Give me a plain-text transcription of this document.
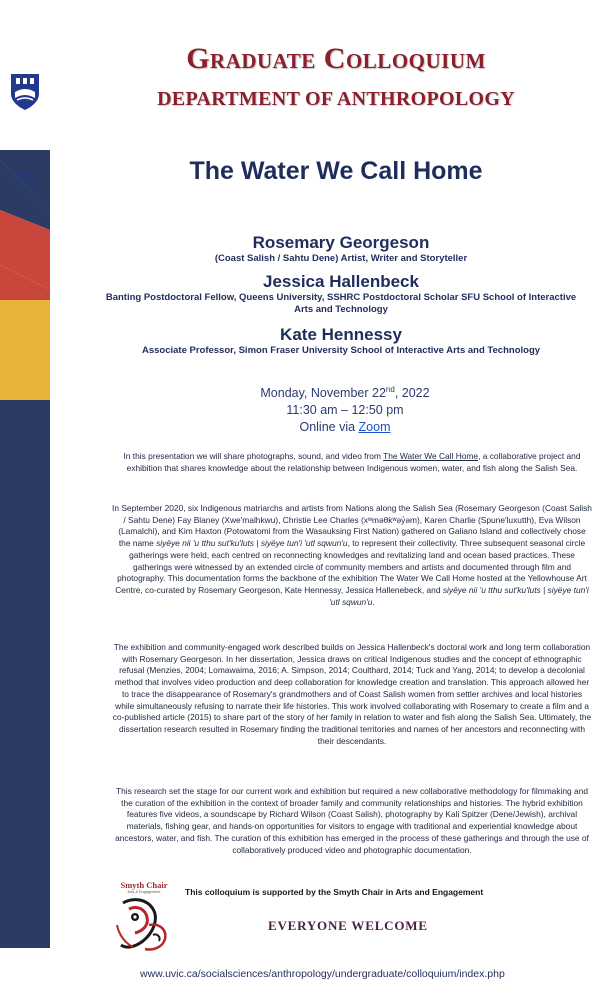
University
of Victoria
Graduate Colloquium
DEPARTMENT OF ANTHROPOLOGY
The Water We Call Home
Rosemary Georgeson
(Coast Salish / Sahtu Dene) Artist, Writer and Storyteller
Jessica Hallenbeck
Banting Postdoctoral Fellow, Queens University, SSHRC Postdoctoral Scholar SFU School of Interactive Arts and Technology
Kate Hennessy
Associate Professor, Simon Fraser University School of Interactive Arts and Technology
Monday, November 22nd, 2022
11:30 am – 12:50 pm
Online via Zoom
In this presentation we will share photographs, sound, and video from The Water We Call Home, a collaborative project and exhibition that shares knowledge about the relationship between Indigenous women, water, and fish along the Salish Sea.
In September 2020, six Indigenous matriarchs and artists from Nations along the Salish Sea (Rosemary Georgeson (Coast Salish / Sahtu Dene) Fay Blaney (Xwe'malhkwu), Christie Lee Charles (xʷməθkʷəy̓əm), Karen Charlie (Spune'luxutth), Eva Wilson (Lamalchi), and Kim Haxton (Potowatomi from the Wasauksing First Nation) gathered on Galiano Island and collectively chose the name siyëye nii 'u tthu sut'ku'luts | siyëye tun'i 'utl sqwun'u, to represent their collectivity. Three subsequent seasonal circle gatherings were held, each centred on reconnecting knowledges and revitalizing land and ocean based practices. These gatherings were witnessed by an extended circle of community members and artists and documented through film and photography. This documentation forms the backbone of the exhibition The Water We Call Home hosted at the Yellowhouse Art Centre, co-curated by Rosemary Georgeson, Kate Hennessy, Jessica Hallenebeck, and siyëye nii 'u tthu sut'ku'luts | siyëye tun'i 'utl sqwun'u.
The exhibition and community-engaged work described builds on Jessica Hallenbeck's doctoral work and long term collaboration with Rosemary Georgeson. In her dissertation, Jessica draws on critical Indigenous studies and the concept of ethnographic refusal (Menzies, 2004; Lomawaima, 2016; A. Simpson, 2014; Coulthard, 2014; Tuck and Yang, 2014; to develop a decolonial method that involves video production and deep collaboration for knowledge creation and translation. This approach allowed her to trace the disappearance of Rosemary's grandmothers and of Coast Salish women from settler archives and local histories while simultaneously refusing to narrate their life histories. This work involved collaborating with Rosemary to create a film and a co-published article (2015) to share part of the story of her family in relation to water and fish along the Salish Sea. Ultimately, the dissertation research resulted in Rosemary finding the traditional territories and names of her ancestors and reconnecting with their descendants.
This research set the stage for our current work and exhibition but required a new collaborative methodology for filmmaking and the curation of the exhibition in the context of broader family and community relationships and histories. The hybrid exhibition features five videos, a soundscape by Richard Wilson (Coast Salish), photography by Kali Spitzer (Dene/Jewish), archival materials, fishing gear, and hands-on opportunities for visitors to engage with traditional and experiential knowledge about ancestors, water, and fish. The curation of this exhibition has emerged in the process of these gatherings and through the use of collaboratively produced video and photographic documentation.
Smyth Chair
Arts & Engagement	This colloquium is supported by the Smyth Chair in Arts and Engagement
EVERYONE WELCOME
www.uvic.ca/socialsciences/anthropology/undergraduate/colloquium/index.php
